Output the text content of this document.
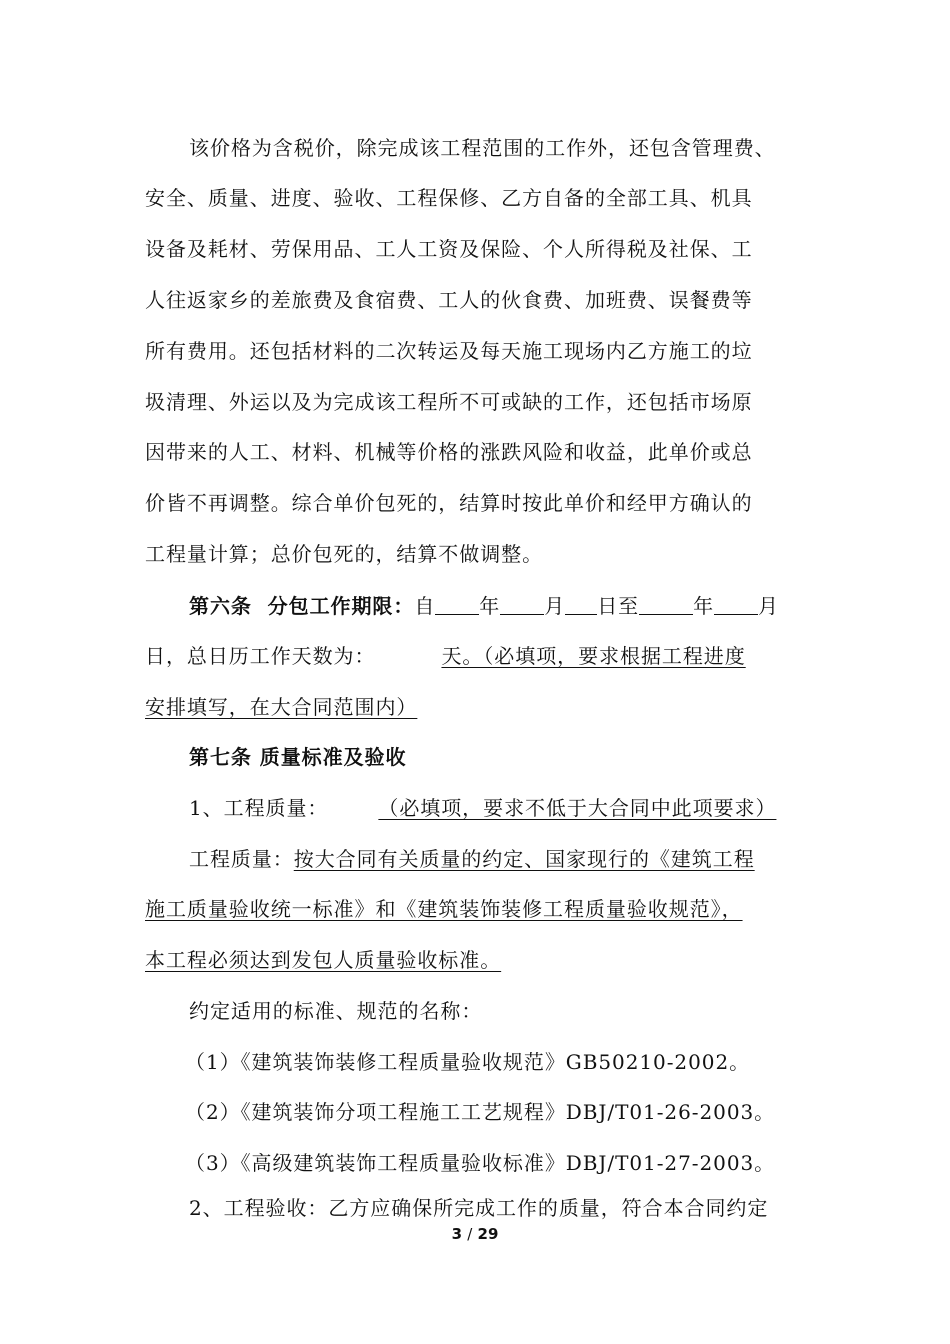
该价格为含税价，除完成该工程范围的工作外，还包含管理费、
安全、质量、进度、验收、工程保修、乙方自备的全部工具、机具
设备及耗材、劳保用品、工人工资及保险、个人所得税及社保、工
人往返家乡的差旅费及食宿费、工人的伙食费、加班费、误餐费等
所有费用。还包括材料的二次转运及每天施工现场内乙方施工的垃
圾清理、外运以及为完成该工程所不可或缺的工作，还包括市场原
因带来的人工、材料、机械等价格的涨跌风险和收益，此单价或总
价皆不再调整。综合单价包死的，结算时按此单价和经甲方确认的
工程量计算；总价包死的，结算不做调整。
第六条  分包工作期限：自 年 月 日至	年 月
日，总日历工作天数为：	天。（必填项，要求根据工程进度
安排填写，在大合同范围内）
第七条 质量标准及验收
1、工程质量：	（必填项，要求不低于大合同中此项要求）
工程质量：按大合同有关质量的约定、国家现行的《建筑工程
施工质量验收统一标准》和《建筑装饰装修工程质量验收规范》，
本工程必须达到发包人质量验收标准。
约定适用的标准、规范的名称：
（1）《建筑装饰装修工程质量验收规范》GB50210-2002。
（2）《建筑装饰分项工程施工工艺规程》DBJ/T01-26-2003。
（3）《高级建筑装饰工程质量验收标准》DBJ/T01-27-2003。
2、工程验收：乙方应确保所完成工作的质量，符合本合同约定
3 / 29
